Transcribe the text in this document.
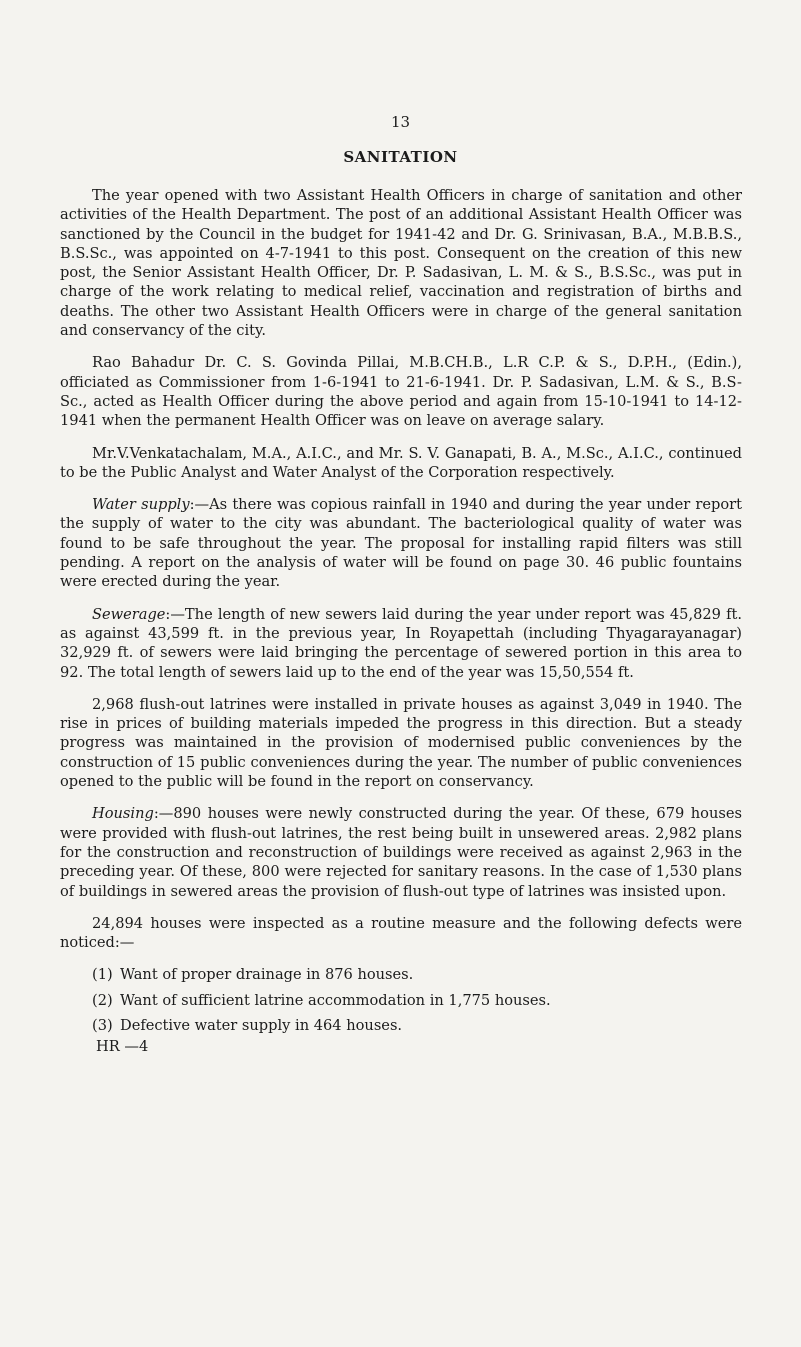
13
SANITATION

The year opened with two Assistant Health Officers in charge of sanitation and other activities of the Health Department. The post of an additional Assistant Health Officer was sanctioned by the Council in the budget for 1941-42 and Dr. G. Srinivasan, B.A., M.B.B.S., B.S.Sc., was appointed on 4-7-1941 to this post. Consequent on the creation of this new post, the Senior Assistant Health Officer, Dr. P. Sadasivan, L. M. & S., B.S.Sc., was put in charge of the work relating to medical relief, vaccination and registration of births and deaths. The other two Assistant Health Officers were in charge of the general sanitation and conservancy of the city.

Rao Bahadur Dr. C. S. Govinda Pillai, M.B.CH.B., L.R C.P. & S., D.P.H., (Edin.), officiated as Commissioner from 1-6-1941 to 21-6-1941. Dr. P. Sadasivan, L.M. & S., B.S-Sc., acted as Health Officer during the above period and again from 15-10-1941 to 14-12-1941 when the permanent Health Officer was on leave on average salary.

Mr.V.Venkatachalam, M.A., A.I.C., and Mr. S. V. Ganapati, B. A., M.Sc., A.I.C., continued to be the Public Analyst and Water Analyst of the Corporation respectively.

Water supply:—As there was copious rainfall in 1940 and during the year under report the supply of water to the city was abundant. The bacteriological quality of water was found to be safe throughout the year. The proposal for installing rapid filters was still pending. A report on the analysis of water will be found on page 30. 46 public fountains were erected during the year.

Sewerage:—The length of new sewers laid during the year under report was 45,829 ft. as against 43,599 ft. in the previous year, In Royapettah (including Thyagarayanagar) 32,929 ft. of sewers were laid bringing the percentage of sewered portion in this area to 92. The total length of sewers laid up to the end of the year was 15,50,554 ft.

2,968 flush-out latrines were installed in private houses as against 3,049 in 1940. The rise in prices of building materials impeded the progress in this direction. But a steady progress was maintained in the provision of modernised public conveniences by the construction of 15 public conveniences during the year. The number of public conveniences opened to the public will be found in the report on conservancy.

Housing:—890 houses were newly constructed during the year. Of these, 679 houses were provided with flush-out latrines, the rest being built in unsewered areas. 2,982 plans for the construction and reconstruction of buildings were received as against 2,963 in the preceding year. Of these, 800 were rejected for sanitary reasons. In the case of 1,530 plans of buildings in sewered areas the provision of flush-out type of latrines was insisted upon.

24,894 houses were inspected as a routine measure and the following defects were noticed:—

(1) Want of proper drainage in 876 houses.
(2) Want of sufficient latrine accommodation in 1,775 houses.
(3) Defective water supply in 464 houses.
HR —4
